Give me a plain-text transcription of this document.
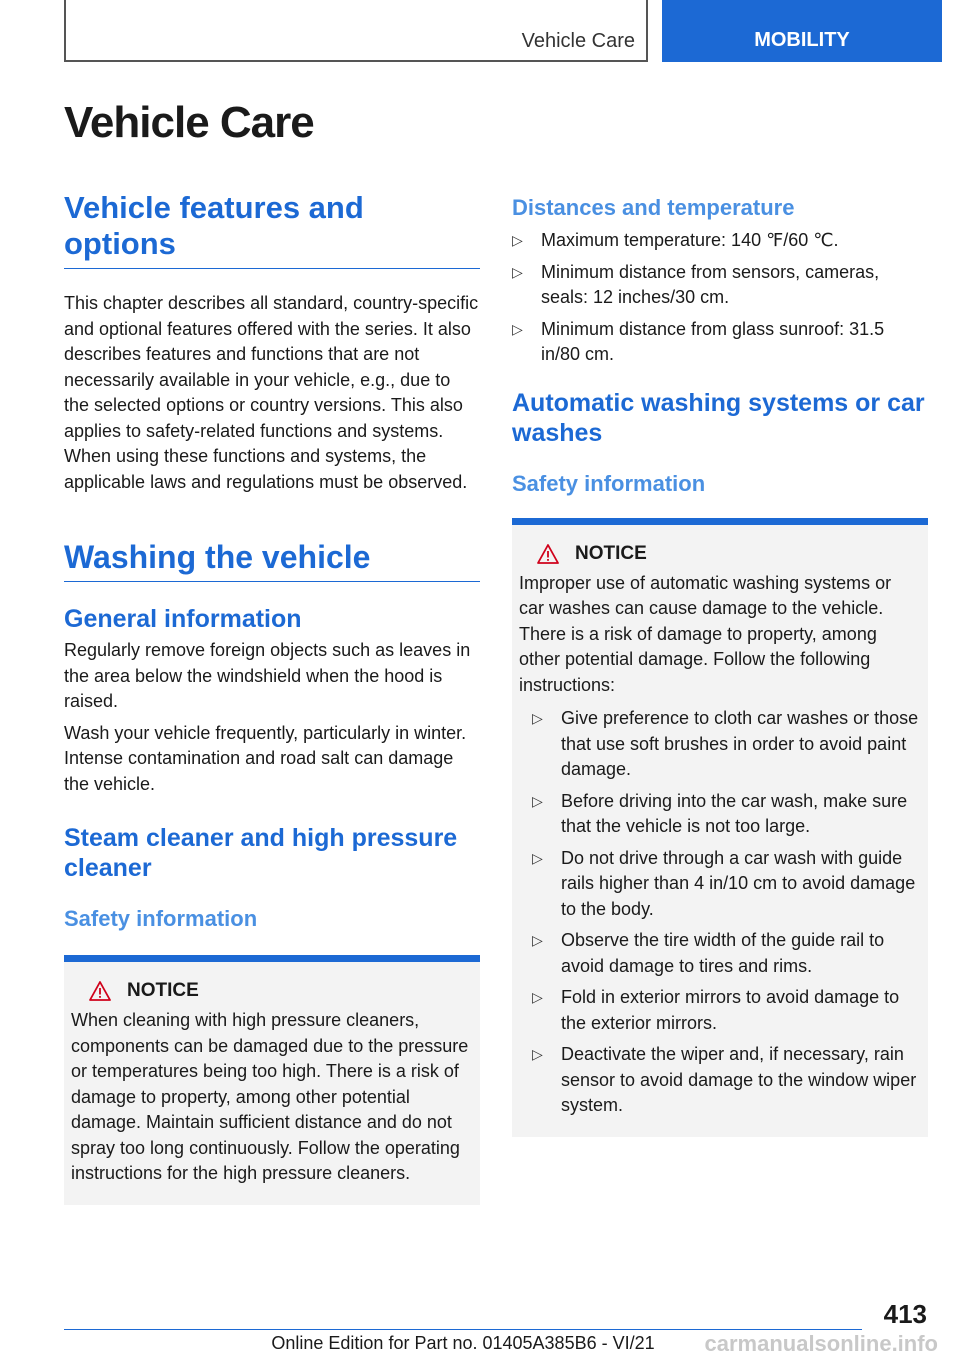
Vehicle Care	MOBILITY
Vehicle Care
Vehicle features and options

This chapter describes all standard, country-specific and optional features offered with the series. It also describes features and functions that are not necessarily available in your vehicle, e.g., due to the selected options or country versions. This also applies to safety-related functions and systems. When using these functions and systems, the applicable laws and regulations must be observed.

Washing the vehicle
General information

Regularly remove foreign objects such as leaves in the area below the windshield when the hood is raised.

Wash your vehicle frequently, particularly in winter. Intense contamination and road salt can damage the vehicle.

Steam cleaner and high pressure cleaner
Safety information
NOTICE

When cleaning with high pressure cleaners, components can be damaged due to the pressure or temperatures being too high. There is a risk of damage to property, among other potential damage. Maintain sufficient distance and do not spray too long continuously. Follow the operating instructions for the high pressure cleaners.

Distances and temperature
▷ Maximum temperature: 140 ℉/60 ℃.
▷ Minimum distance from sensors, cameras, seals: 12 inches/30 cm.
▷ Minimum distance from glass sunroof: 31.5 in/80 cm.
Automatic washing systems or car washes
Safety information
NOTICE

Improper use of automatic washing systems or car washes can cause damage to the vehicle. There is a risk of damage to property, among other potential damage. Follow the following instructions:

▷ Give preference to cloth car washes or those that use soft brushes in order to avoid paint damage.
▷ Before driving into the car wash, make sure that the vehicle is not too large.
▷ Do not drive through a car wash with guide rails higher than 4 in/10 cm to avoid damage to the body.
▷ Observe the tire width of the guide rail to avoid damage to tires and rims.
▷ Fold in exterior mirrors to avoid damage to the exterior mirrors.
▷ Deactivate the wiper and, if necessary, rain sensor to avoid damage to the window wiper system.
413
Online Edition for Part no. 01405A385B6 - VI/21	carmanualsonline.info
